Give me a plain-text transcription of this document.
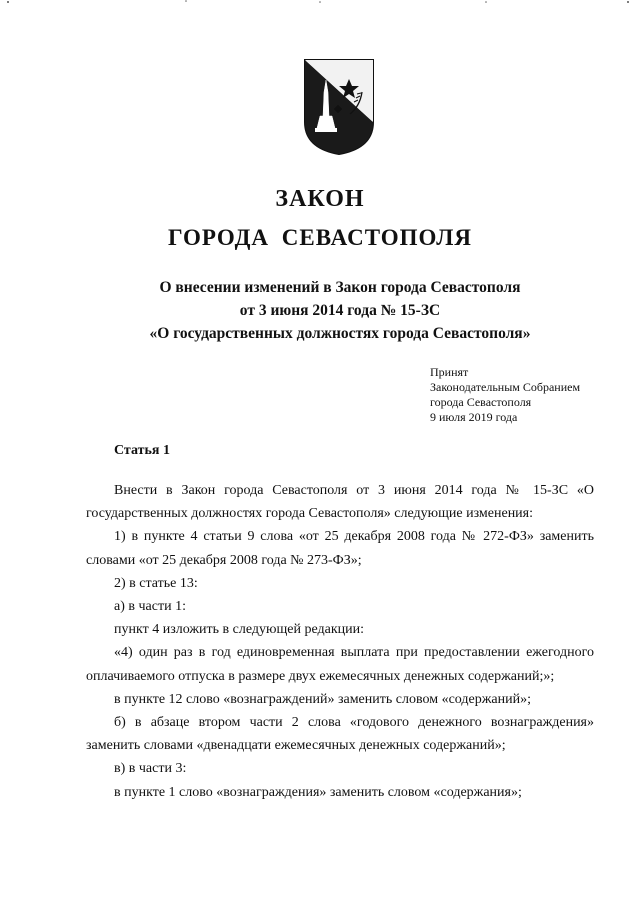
ЗАКОН
ГОРОДА СЕВАСТОПОЛЯ
О внесении изменений в Закон города Севастополя
от 3 июня 2014 года № 15-ЗС
«О государственных должностях города Севастополя»
Принят
Законодательным Собранием
города Севастополя
9 июля 2019 года
Статья 1

Внести в Закон города Севастополя от 3 июня 2014 года № 15-ЗС «О государственных должностях города Севастополя» следующие изменения:

1) в пункте 4 статьи 9 слова «от 25 декабря 2008 года № 272-ФЗ» заменить словами «от 25 декабря 2008 года № 273-ФЗ»;

2) в статье 13:

а) в части 1:

пункт 4 изложить в следующей редакции:

«4) один раз в год единовременная выплата при предоставлении ежегодного оплачиваемого отпуска в размере двух ежемесячных денежных содержаний;»;

в пункте 12 слово «вознаграждений» заменить словом «содержаний»;

б) в абзаце втором части 2 слова «годового денежного вознаграждения» заменить словами «двенадцати ежемесячных денежных содержаний»;

в) в части 3:

в пункте 1 слово «вознаграждения» заменить словом «содержания»;
